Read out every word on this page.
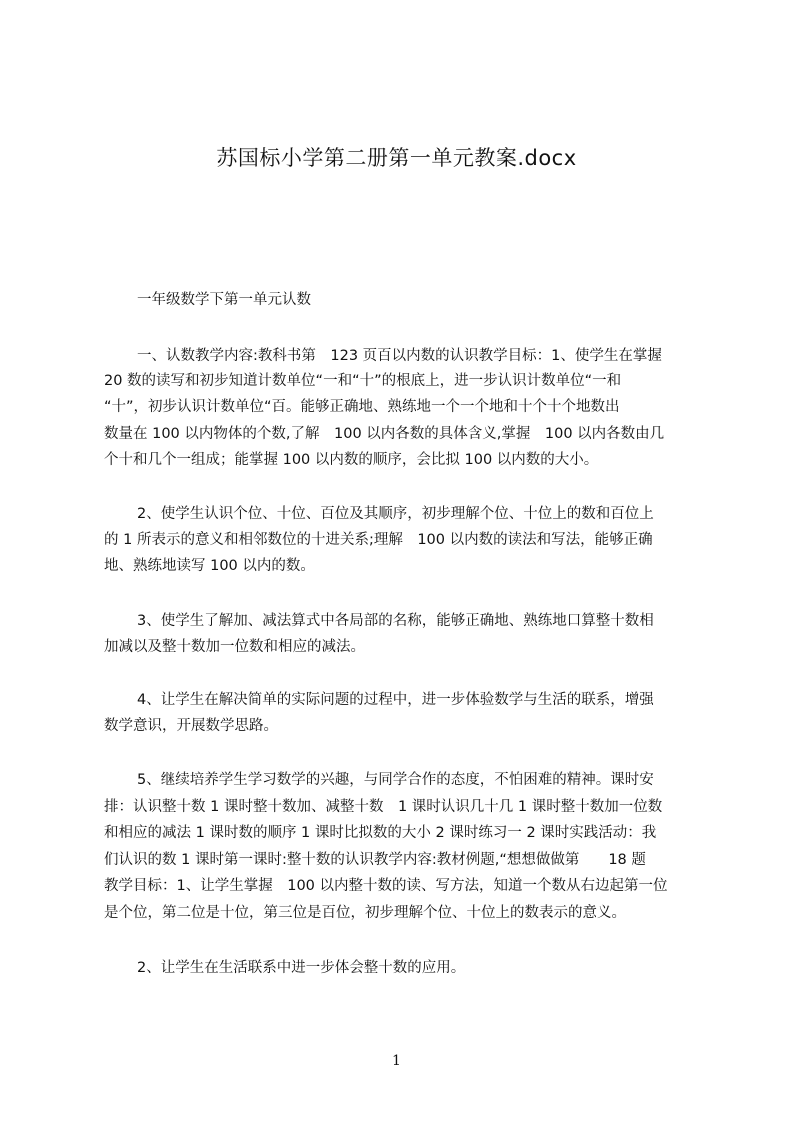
苏国标小学第二册第一单元教案.docx

一年级数学下第一单元认数

一、认数教学内容:教科书第　123 页百以内数的认识教学目标：1、使学生在掌握

20 数的读写和初步知道计数单位“一和“十”的根底上，进一步认识计数单位“一和

“十”，初步认识计数单位“百。能够正确地、熟练地一个一个地和十个十个地数出

数量在 100 以内物体的个数,了解　100 以内各数的具体含义,掌握　100 以内各数由几

个十和几个一组成；能掌握 100 以内数的顺序，会比拟 100 以内数的大小。

2、使学生认识个位、十位、百位及其顺序，初步理解个位、十位上的数和百位上

的 1 所表示的意义和相邻数位的十进关系;理解　100 以内数的读法和写法，能够正确

地、熟练地读写 100 以内的数。

3、使学生了解加、减法算式中各局部的名称，能够正确地、熟练地口算整十数相

加减以及整十数加一位数和相应的减法。

4、让学生在解决简单的实际问题的过程中，进一步体验数学与生活的联系，增强

数学意识，开展数学思路。

5、继续培养学生学习数学的兴趣，与同学合作的态度，不怕困难的精神。课时安

排：认识整十数 1 课时整十数加、减整十数　1 课时认识几十几 1 课时整十数加一位数

和相应的减法 1 课时数的顺序 1 课时比拟数的大小 2 课时练习一 2 课时实践活动：我

们认识的数 1 课时第一课时:整十数的认识教学内容:教材例题,“想想做做第　　18 题

教学目标：1、让学生掌握　100 以内整十数的读、写方法，知道一个数从右边起第一位

是个位，第二位是十位，第三位是百位，初步理解个位、十位上的数表示的意义。

2、让学生在生活联系中进一步体会整十数的应用。

1
